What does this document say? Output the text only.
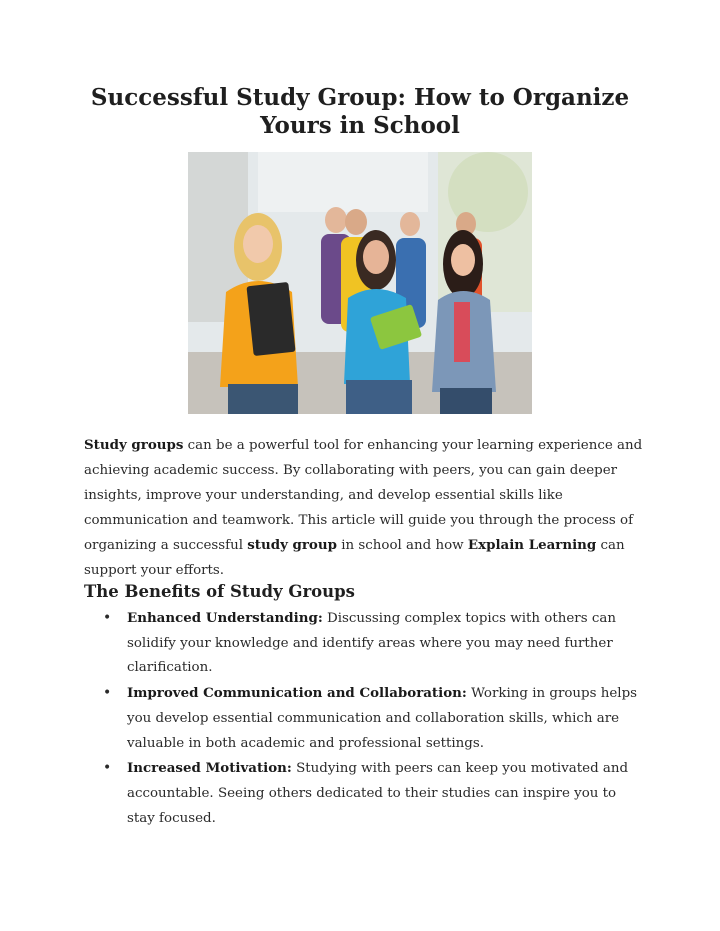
Successful Study Group: How to Organize Yours in School

Study groups can be a powerful tool for enhancing your learning experience and achieving academic success. By collaborating with peers, you can gain deeper insights, improve your understanding, and develop essential skills like communication and teamwork. This article will guide you through the process of organizing a successful study group in school and how Explain Learning can support your efforts.

The Benefits of Study Groups
• Enhanced Understanding: Discussing complex topics with others can solidify your knowledge and identify areas where you may need further clarification.
• Improved Communication and Collaboration: Working in groups helps you develop essential communication and collaboration skills, which are valuable in both academic and professional settings.
• Increased Motivation: Studying with peers can keep you motivated and accountable. Seeing others dedicated to their studies can inspire you to stay focused.
